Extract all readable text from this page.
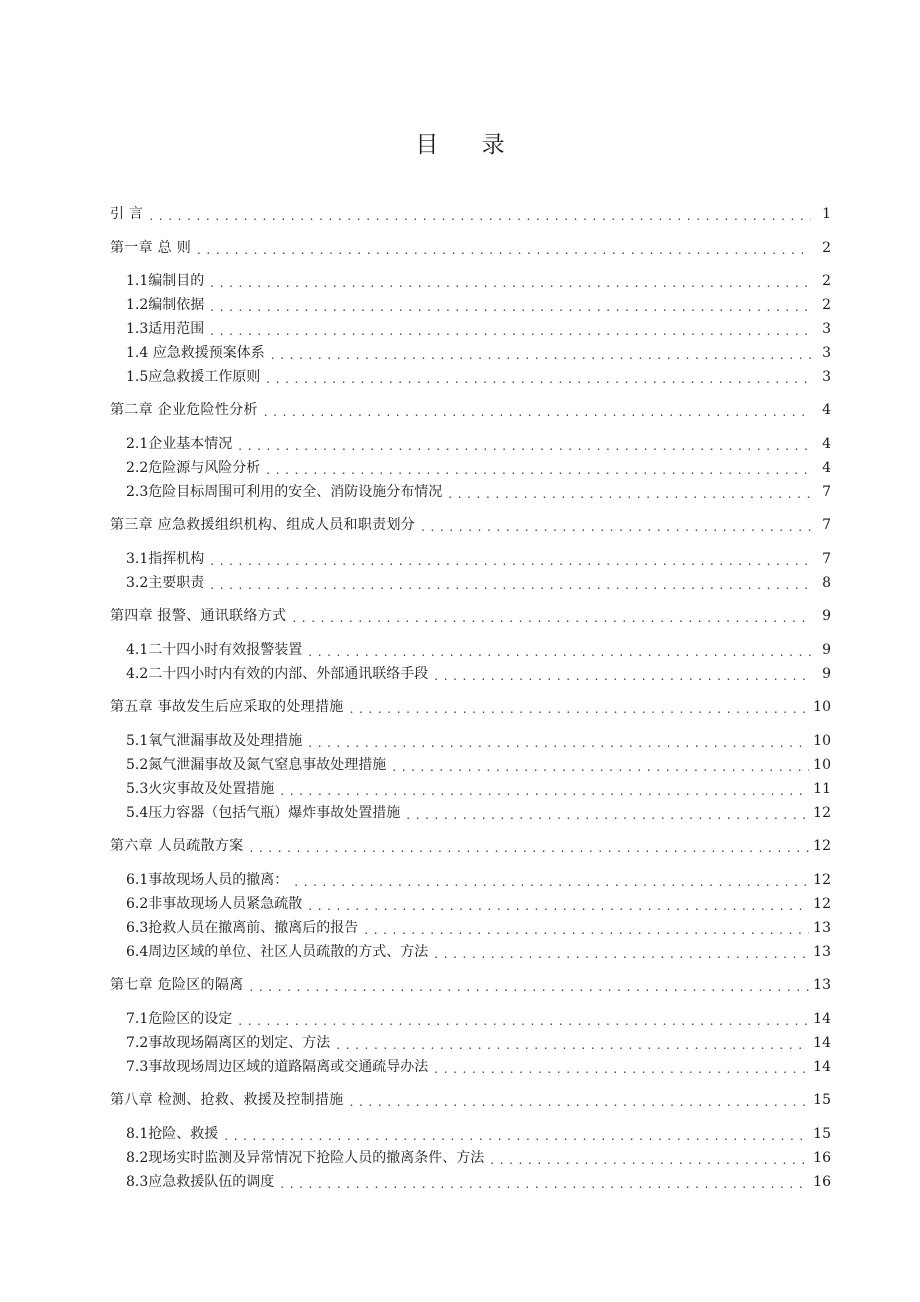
目 录
引 言 . . .	1
第一章 总 则 . . .	2
1.1编制目的 . . .	2
1.2编制依据 . . .	2
1.3适用范围 . . .	3
1.4 应急救援预案体系 . . .	3
1.5应急救援工作原则 . . .	3
第二章 企业危险性分析 . . .	4
2.1企业基本情况 . . .	4
2.2危险源与风险分析 . . .	4
2.3危险目标周围可利用的安全、消防设施分布情况 . . .	7
第三章 应急救援组织机构、组成人员和职责划分 . . .	7
3.1指挥机构 . . .	7
3.2主要职责 . . .	8
第四章 报警、通讯联络方式 . . .	9
4.1二十四小时有效报警装置 . . .	9
4.2二十四小时内有效的内部、外部通讯联络手段 . . .	9
第五章 事故发生后应采取的处理措施 . . .	10
5.1氧气泄漏事故及处理措施 . . .	10
5.2氮气泄漏事故及氮气窒息事故处理措施 . . .	10
5.3火灾事故及处置措施 . . .	11
5.4压力容器（包括气瓶）爆炸事故处置措施 . . .	12
第六章 人员疏散方案 . . .	12
6.1事故现场人员的撤离： . . .	12
6.2非事故现场人员紧急疏散 . . .	12
6.3抢救人员在撤离前、撤离后的报告 . . .	13
6.4周边区域的单位、社区人员疏散的方式、方法 . . .	13
第七章 危险区的隔离 . . .	13
7.1危险区的设定 . . .	14
7.2事故现场隔离区的划定、方法 . . .	14
7.3事故现场周边区域的道路隔离或交通疏导办法 . . .	14
第八章 检测、抢救、救援及控制措施 . . .	15
8.1抢险、救援 . . .	15
8.2现场实时监测及异常情况下抢险人员的撤离条件、方法 . . .	16
8.3应急救援队伍的调度 . . .	16
